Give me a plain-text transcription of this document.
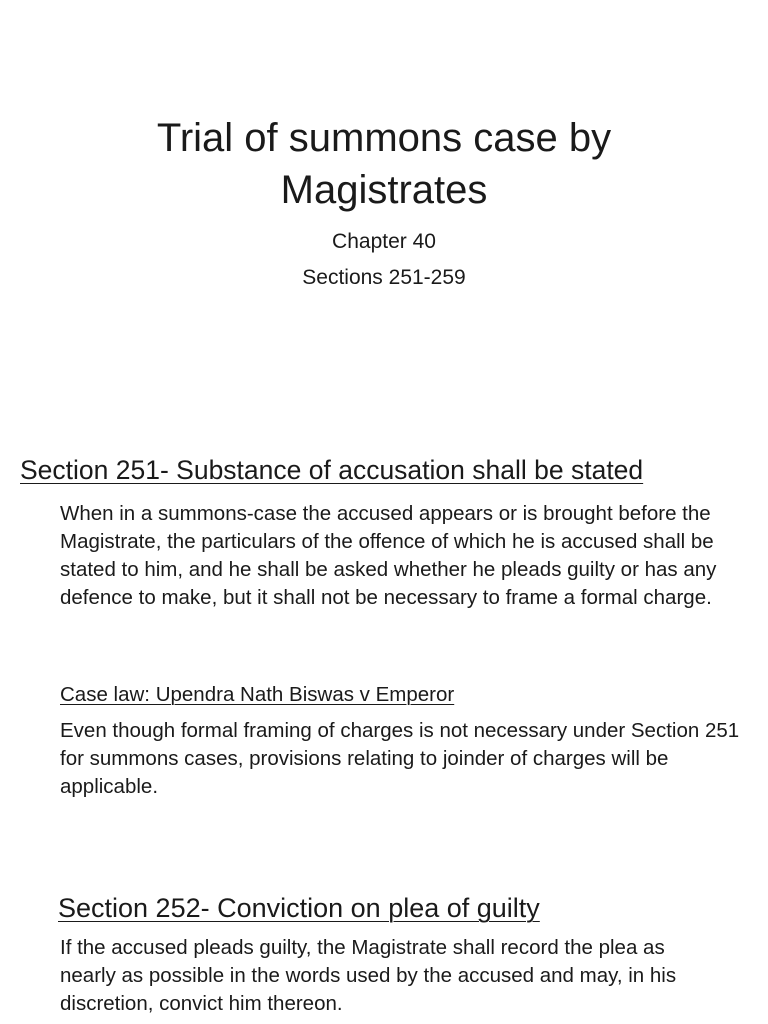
Trial of summons case by
Magistrates

Chapter 40

Sections 251-259

Section 251- Substance of accusation shall be stated

When in a summons-case the accused appears or is brought before the Magistrate, the particulars of the offence of which he is accused shall be stated to him, and he shall be asked whether he pleads guilty or has any defence to make, but it shall not be necessary to frame a formal charge.

Case law: Upendra Nath Biswas v Emperor

Even though formal framing of charges is not necessary under Section 251 for summons cases, provisions relating to joinder of charges will be applicable.

Section 252- Conviction on plea of guilty

If the accused pleads guilty, the Magistrate shall record the plea as nearly as possible in the words used by the accused and may, in his discretion, convict him thereon.
